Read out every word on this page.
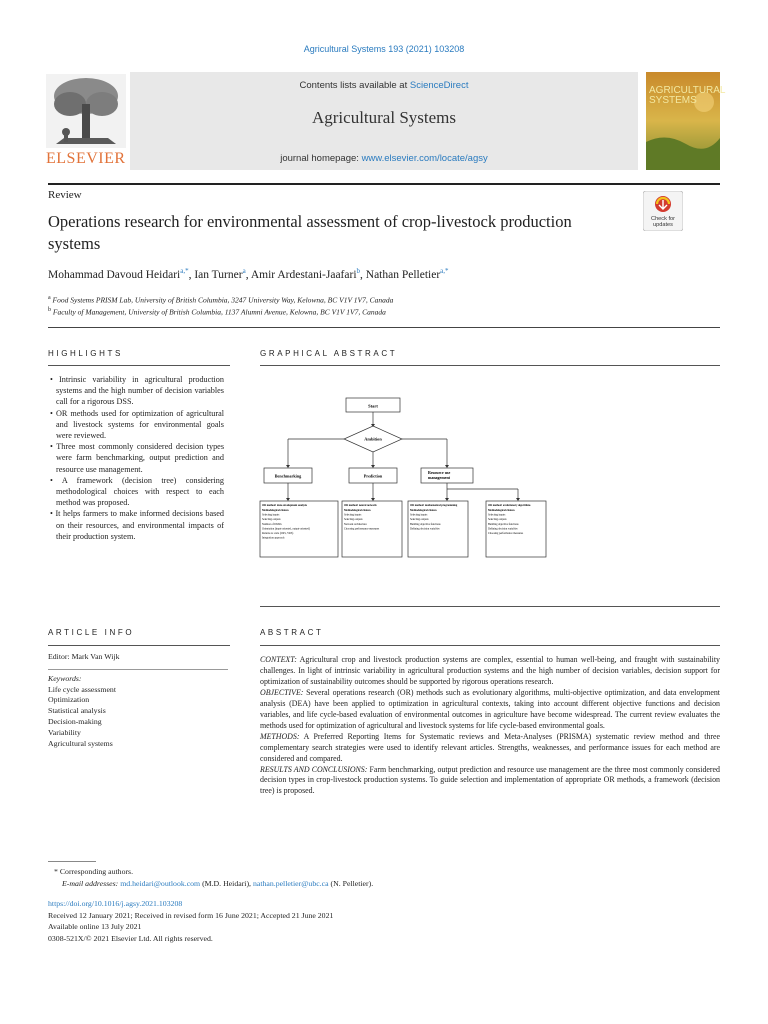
Agricultural Systems 193 (2021) 103208
Contents lists available at ScienceDirect
Agricultural Systems
journal homepage: www.elsevier.com/locate/agsy
ELSEVIER
AGRICULTURAL SYSTEMS
Review
Operations research for environmental assessment of crop-livestock production systems
Check for
updates
Mohammad Davoud Heidari$^{a,*}$, Ian Turner$^a$, Amir Ardestani-Jaafari$^b$, Nathan Pelletier$^{a,*}$
$^a$ Food Systems PRISM Lab, University of British Columbia, 3247 University Way, Kelowna, BC V1V 1V7, Canada
$^b$ Faculty of Management, University of British Columbia, 1137 Alumni Avenue, Kelowna, BC V1V 1V7, Canada
HIGHLIGHTS
• Intrinsic variability in agricultural production systems and the high number of decision variables call for a rigorous DSS.
• OR methods used for optimization of agricultural and livestock systems for environmental goals were reviewed.
• Three most commonly considered decision types were farm benchmarking, output prediction and resource use management.
• A framework (decision tree) considering methodological choices with respect to each method was proposed.
• It helps farmers to make informed decisions based on their resources, and environmental impacts of their production system.
GRAPHICAL ABSTRACT
Start
Ambition
Benchmarking	Prediction
Resource use management
OR method: data envelopment analysis
Methodological choices
Selecting inputs
Selecting outputs
Number of DMUs
Orientation (input-oriented, output-oriented)
Returns to scale (CRS, VRS)
Integration approach
OR method: neural network
Methodological choices
Selecting inputs
Selecting outputs
Network architecture
Choosing performance measures
OR method: mathematical programming
Methodological choices
Selecting inputs
Selecting outputs
Building objective functions
Defining decision variables
OR method: evolutionary algorithms
Methodological choices
Selecting inputs
Selecting outputs
Building objective functions
Defining decision variables
Choosing performance measures
ARTICLE INFO
Editor: Mark Van Wijk
Keywords:
Life cycle assessment
Optimization
Statistical analysis
Decision-making
Variability
Agricultural systems
ABSTRACT

CONTEXT: Agricultural crop and livestock production systems are complex, essential to human well-being, and fraught with sustainability challenges. In light of intrinsic variability in agricultural production systems and the high number of decision variables, decision support for optimization of sustainability outcomes should be supported by rigorous operations research.

OBJECTIVE: Several operations research (OR) methods such as evolutionary algorithms, multi-objective optimization, and data envelopment analysis (DEA) have been applied to optimization in agricultural contexts, taking into account different objective functions and decision variables, and life cycle-based evaluation of environmental outcomes in agriculture have become widespread. The current review evaluates the methods used for optimization of agricultural and livestock systems for life cycle-based environmental goals.

METHODS: A Preferred Reporting Items for Systematic reviews and Meta-Analyses (PRISMA) systematic review method and three complementary search strategies were used to identify relevant articles. Strengths, weaknesses, and performance issues for each method are considered and compared.

RESULTS AND CONCLUSIONS: Farm benchmarking, output prediction and resource use management are the three most commonly considered decision types in crop-livestock production systems. To guide selection and implementation of appropriate OR methods, a framework (decision tree) is proposed.

* Corresponding authors.
E-mail addresses: md.heidari@outlook.com (M.D. Heidari), nathan.pelletier@ubc.ca (N. Pelletier).
https://doi.org/10.1016/j.agsy.2021.103208
Received 12 January 2021; Received in revised form 16 June 2021; Accepted 21 June 2021
Available online 13 July 2021
0308-521X/© 2021 Elsevier Ltd. All rights reserved.
